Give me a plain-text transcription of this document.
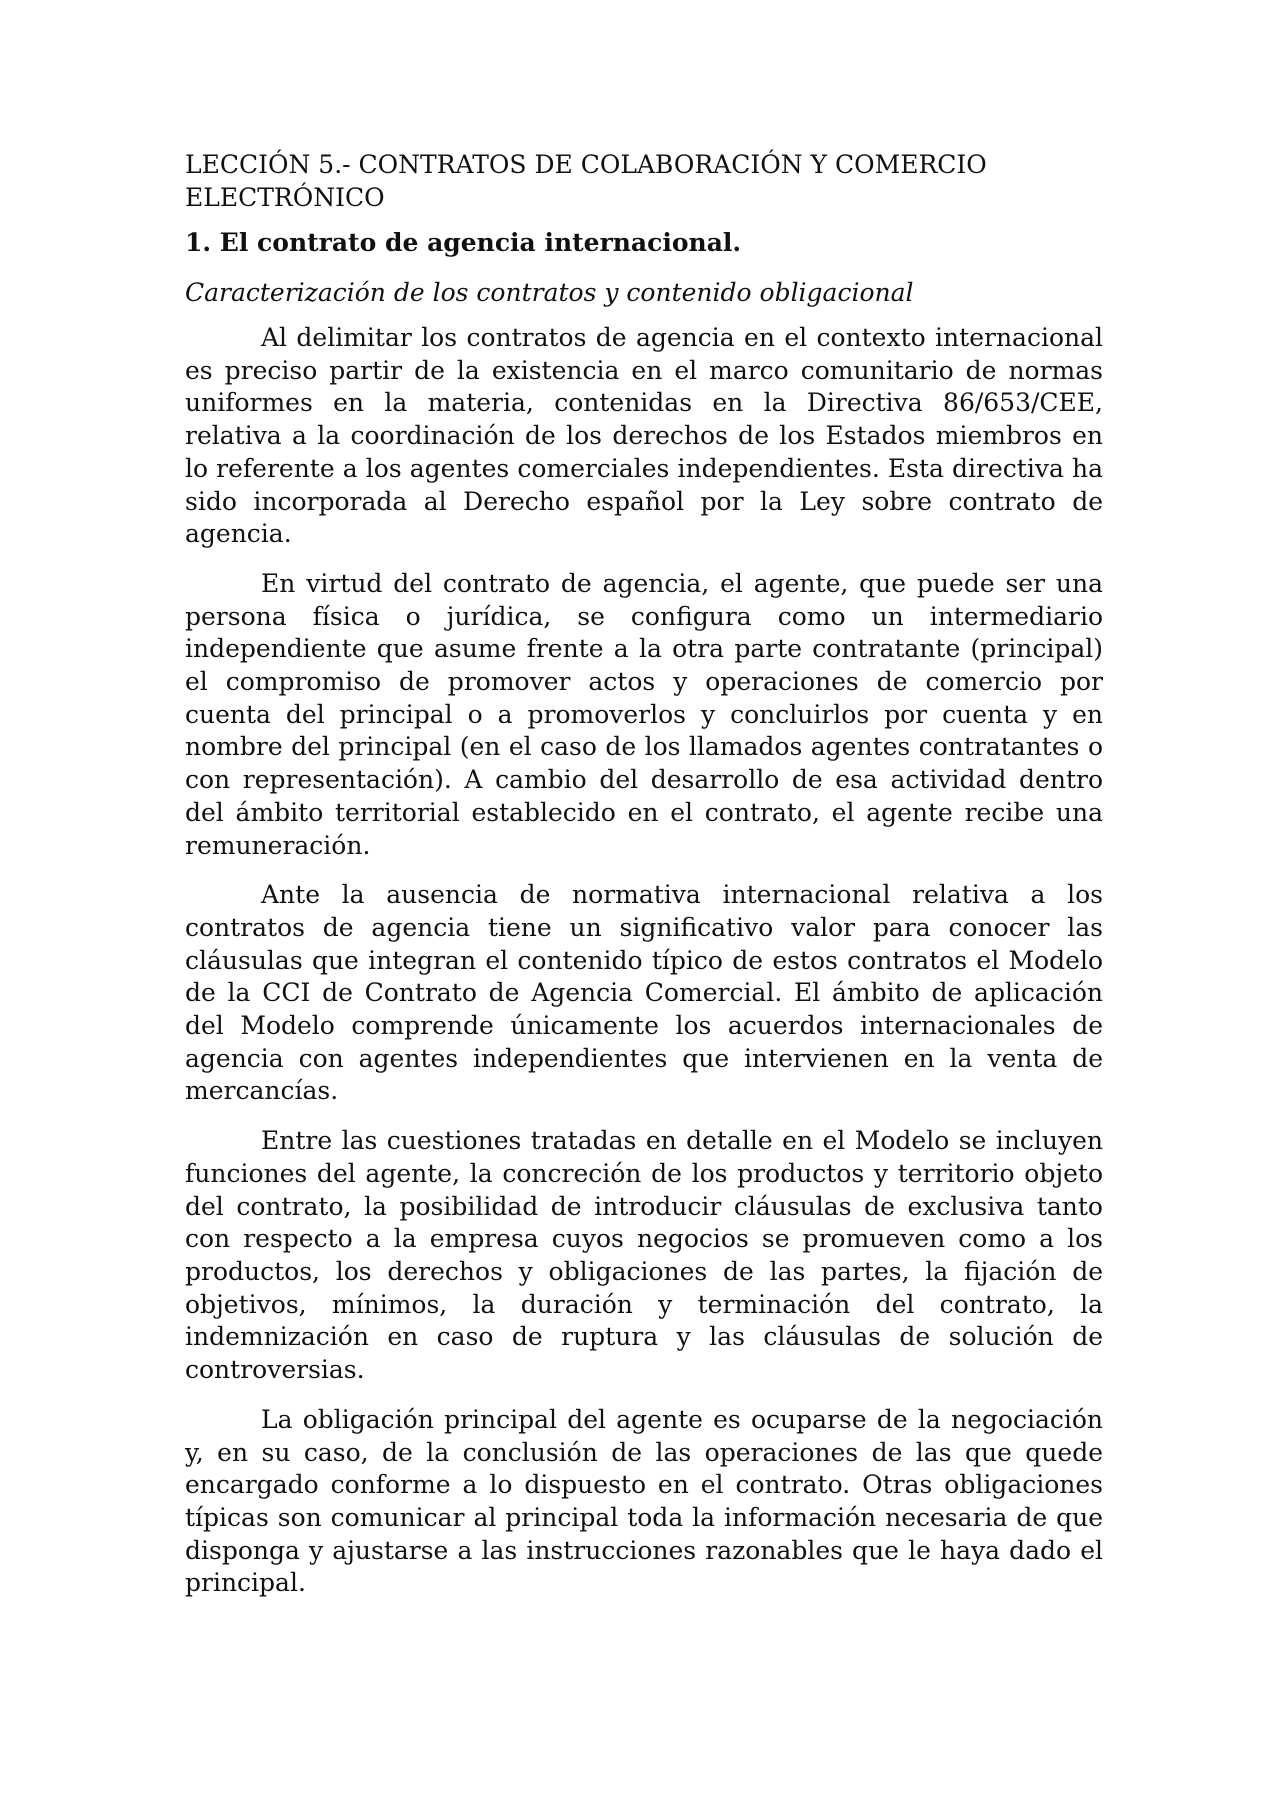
LECCIÓN 5.- CONTRATOS DE COLABORACIÓN Y COMERCIO ELECTRÓNICO
1. El contrato de agencia internacional.
Caracterización de los contratos y contenido obligacional

Al delimitar los contratos de agencia en el contexto internacional es preciso partir de la existencia en el marco comunitario de normas uniformes en la materia, contenidas en la Directiva 86/653/CEE, relativa a la coordinación de los derechos de los Estados miembros en lo referente a los agentes comerciales independientes. Esta directiva ha sido incorporada al Derecho español por la Ley sobre contrato de agencia.

En virtud del contrato de agencia, el agente, que puede ser una persona física o jurídica, se configura como un intermediario independiente que asume frente a la otra parte contratante (principal) el compromiso de promover actos y operaciones de comercio por cuenta del principal o a promoverlos y concluirlos por cuenta y en nombre del principal (en el caso de los llamados agentes contratantes o con representación). A cambio del desarrollo de esa actividad dentro del ámbito territorial establecido en el contrato, el agente recibe una remuneración.

Ante la ausencia de normativa internacional relativa a los contratos de agencia tiene un significativo valor para conocer las cláusulas que integran el contenido típico de estos contratos el Modelo de la CCI de Contrato de Agencia Comercial. El ámbito de aplicación del Modelo comprende únicamente los acuerdos internacionales de agencia con agentes independientes que intervienen en la venta de mercancías.

Entre las cuestiones tratadas en detalle en el Modelo se incluyen funciones del agente, la concreción de los productos y territorio objeto del contrato, la posibilidad de introducir cláusulas de exclusiva tanto con respecto a la empresa cuyos negocios se promueven como a los productos, los derechos y obligaciones de las partes, la fijación de objetivos, mínimos, la duración y terminación del contrato, la indemnización en caso de ruptura y las cláusulas de solución de controversias.

La obligación principal del agente es ocuparse de la negociación y, en su caso, de la conclusión de las operaciones de las que quede encargado conforme a lo dispuesto en el contrato. Otras obligaciones típicas son comunicar al principal toda la información necesaria de que disponga y ajustarse a las instrucciones razonables que le haya dado el principal.
